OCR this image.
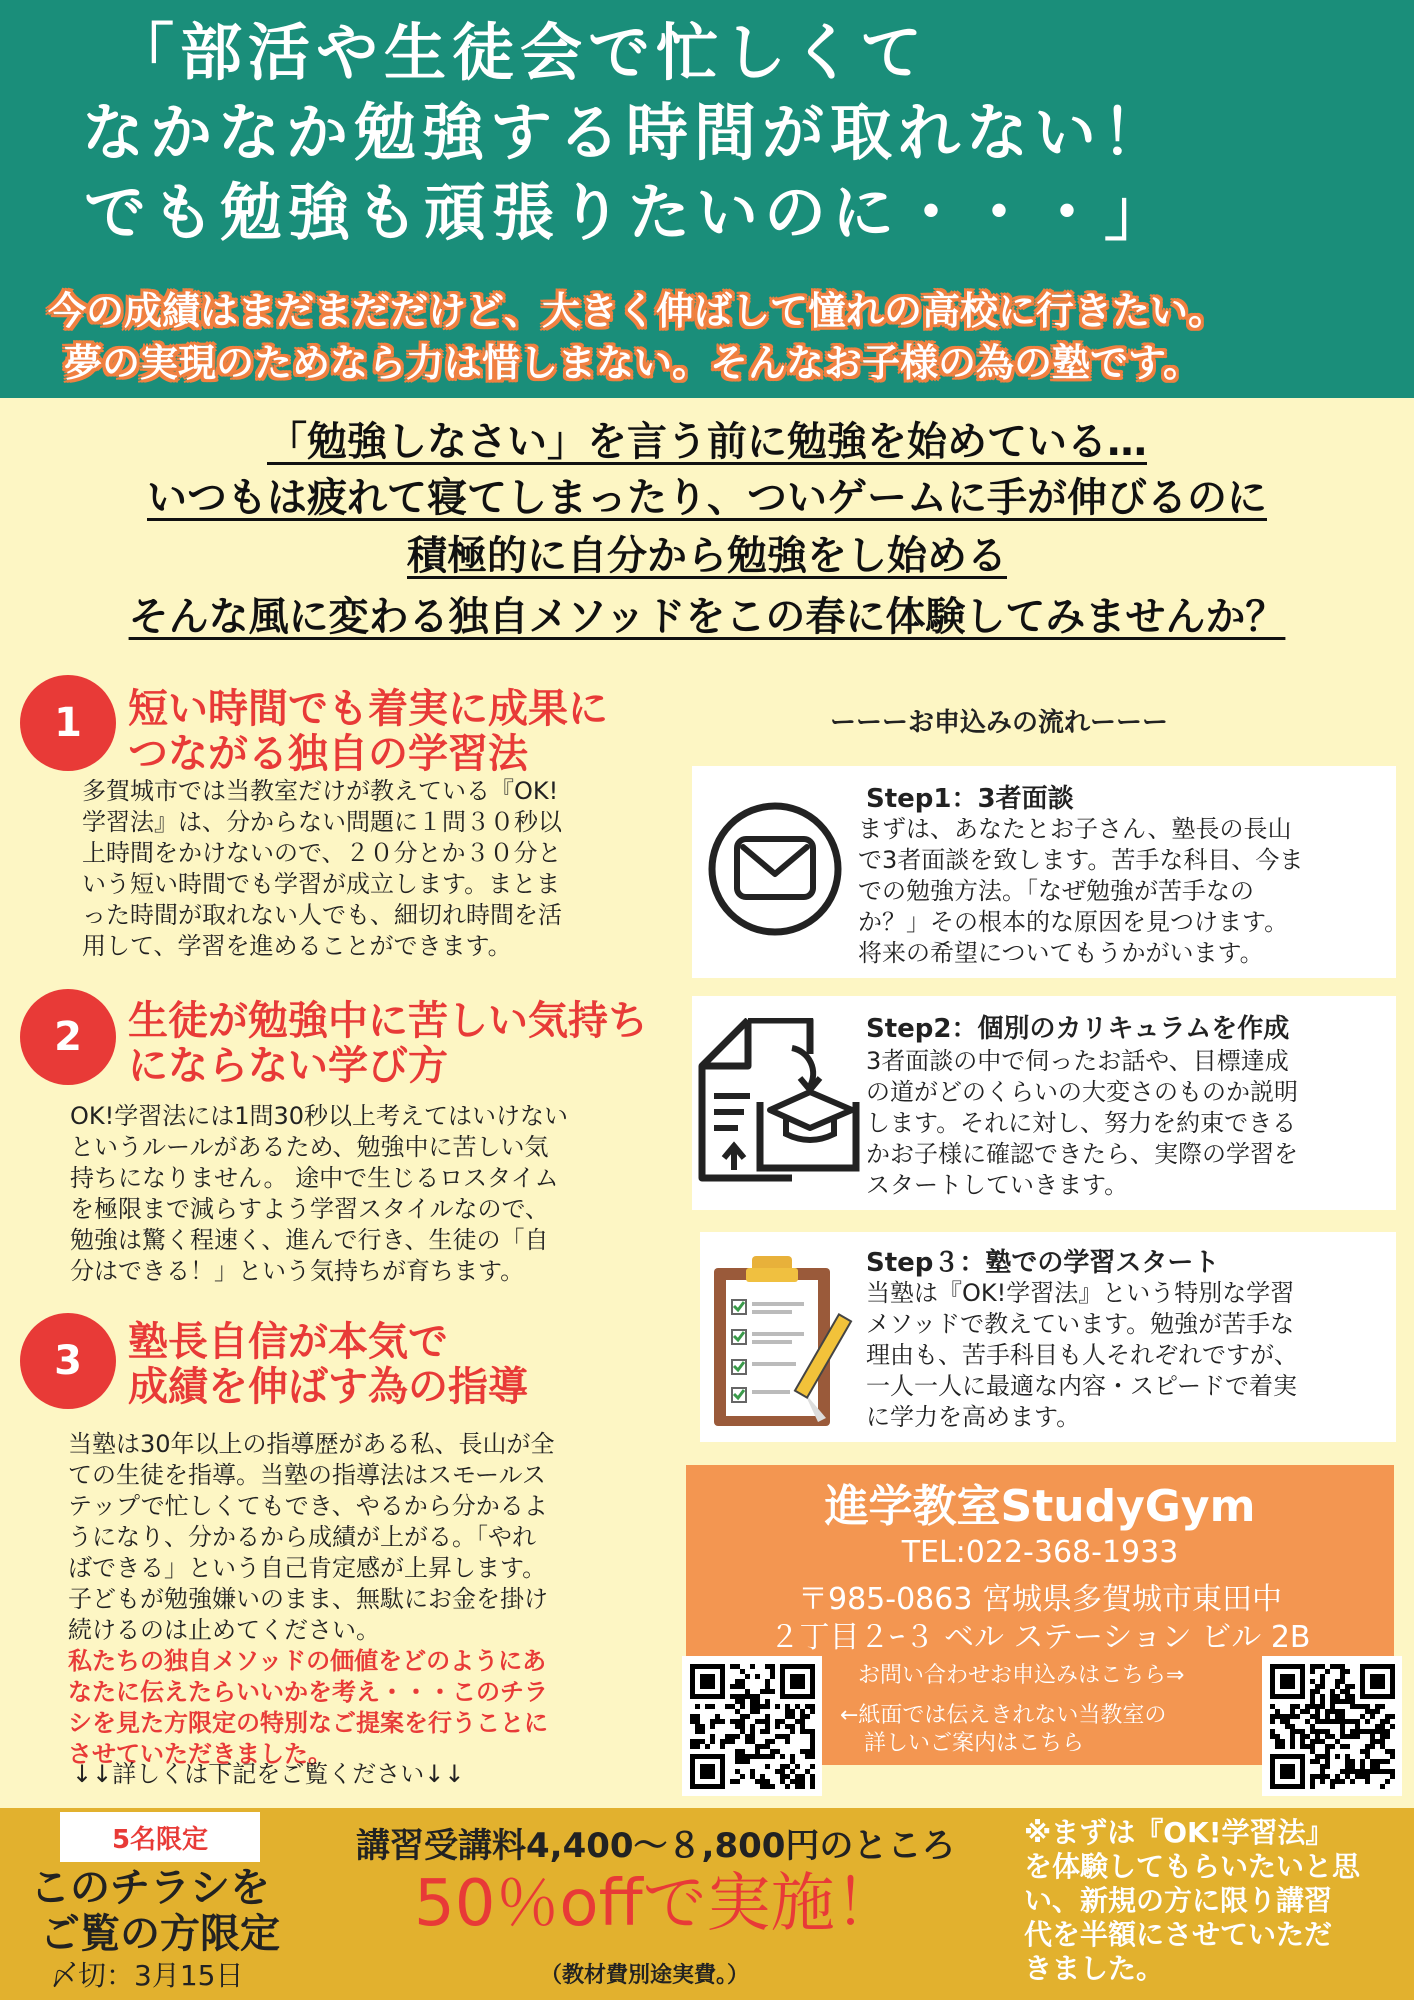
「部活や生徒会で忙しくて
なかなか勉強する時間が取れない！
でも勉強も頑張りたいのに・・・」
今の成績はまだまだだけど、大きく伸ばして憧れの高校に行きたい。
夢の実現のためなら力は惜しまない。そんなお子様の為の塾です。
「勉強しなさい」を言う前に勉強を始めている…
いつもは疲れて寝てしまったり、ついゲームに手が伸びるのに
積極的に自分から勉強をし始める
そんな風に変わる独自メソッドをこの春に体験してみませんか？
1	短い時間でも着実に成果に
つながる独自の学習法
多賀城市では当教室だけが教えている『OK!
学習法』は、分からない問題に１問３０秒以
上時間をかけないので、２０分とか３０分と
いう短い時間でも学習が成立します。まとま
った時間が取れない人でも、細切れ時間を活
用して、学習を進めることができます。
2	生徒が勉強中に苦しい気持ち
にならない学び方
OK!学習法には1問30秒以上考えてはいけない
というルールがあるため、勉強中に苦しい気
持ちになりません。 途中で生じるロスタイム
を極限まで減らすよう学習スタイルなので、
勉強は驚く程速く、進んで行き、生徒の「自
分はできる！」という気持ちが育ちます。
3	塾長自信が本気で
成績を伸ばす為の指導
当塾は30年以上の指導歴がある私、長山が全
ての生徒を指導。当塾の指導法はスモールス
テップで忙しくてもでき、やるから分かるよ
うになり、分かるから成績が上がる。「やれ
ばできる」という自己肯定感が上昇します。
子どもが勉強嫌いのまま、無駄にお金を掛け
続けるのは止めてください。
私たちの独自メソッドの価値をどのようにあ
なたに伝えたらいいかを考え・・・このチラ
シを見た方限定の特別なご提案を行うことに
させていただきました。
↓↓詳しくは下記をご覧ください↓↓
ーーーお申込みの流れーーー
Step1：3者面談
まずは、あなたとお子さん、塾長の長山
で3者面談を致します。苦手な科目、今ま
での勉強方法。「なぜ勉強が苦手なの
か？」その根本的な原因を見つけます。
将来の希望についてもうかがいます。
Step2：個別のカリキュラムを作成
3者面談の中で伺ったお話や、目標達成
の道がどのくらいの大変さのものか説明
します。それに対し、努力を約束できる
かお子様に確認できたら、実際の学習を
スタートしていきます。
Step３：塾での学習スタート
当塾は『OK!学習法』という特別な学習
メソッドで教えています。勉強が苦手な
理由も、苦手科目も人それぞれですが、
一人一人に最適な内容・スピードで着実
に学力を高めます。
進学教室StudyGym
TEL:022-368-1933
〒985-0863 宮城県多賀城市東田中
２丁目２ｰ３ ベル ステーション ビル 2B
お問い合わせお申込みはこちら⇒
←紙面では伝えきれない当教室の
詳しいご案内はこちら
5名限定
このチラシを
ご覧の方限定
〆切：3月15日
講習受講料4,400～８,800円のところ
50％offで実施！
（教材費別途実費。）
※まずは『OK!学習法』
を体験してもらいたいと思
い、新規の方に限り講習
代を半額にさせていただ
きました。
